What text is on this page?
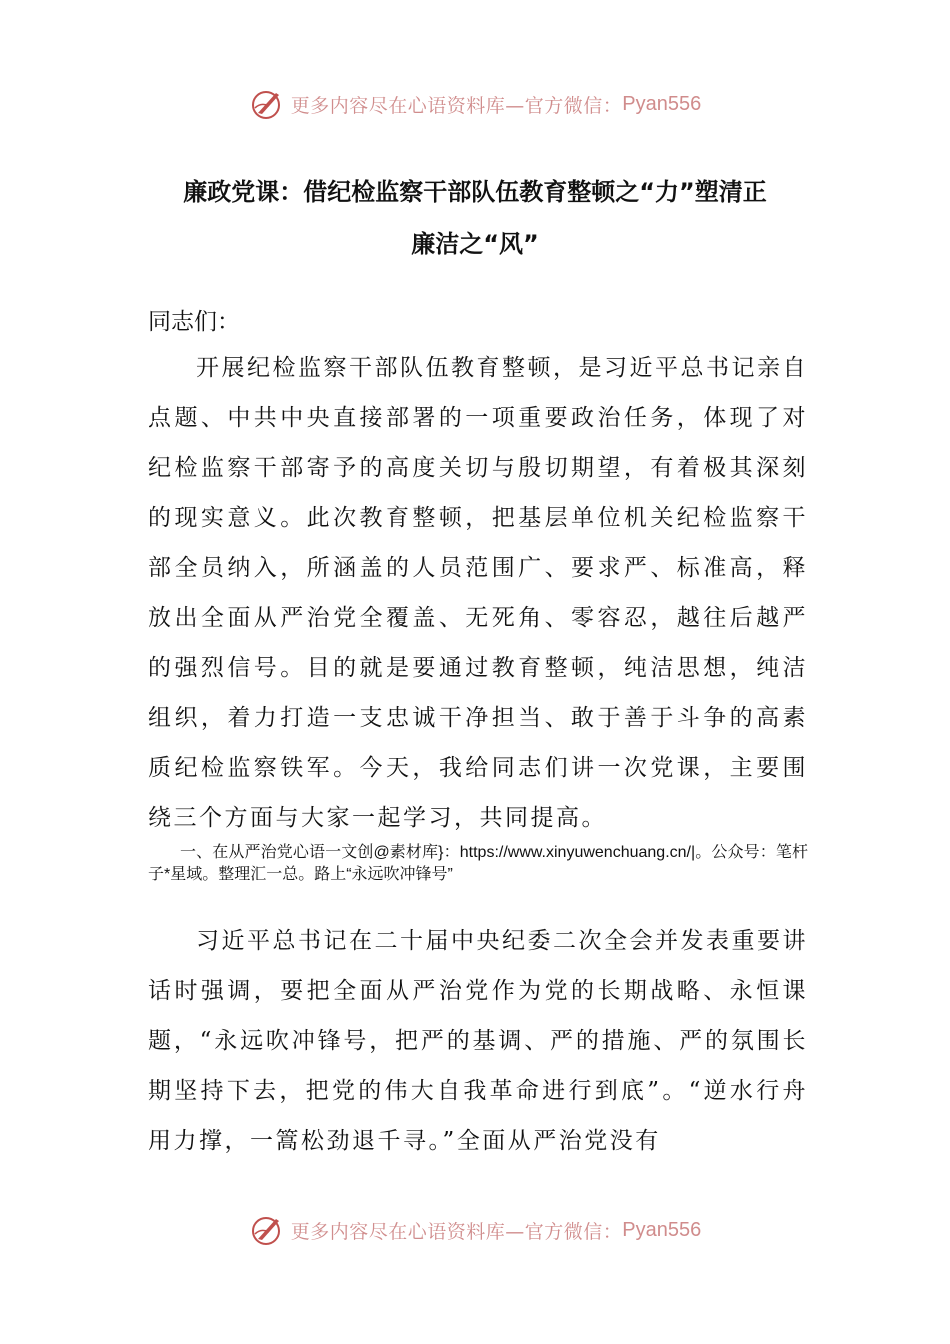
更多内容尽在心语资料库—官方微信： Pyan556
廉政党课：借纪检监察干部队伍教育整顿之“力”塑清正
廉洁之“风”
同志们：
开展纪检监察干部队伍教育整顿，是习近平总书记亲自点题、中共中央直接部署的一项重要政治任务，体现了对纪检监察干部寄予的高度关切与殷切期望，有着极其深刻的现实意义。此次教育整顿，把基层单位机关纪检监察干部全员纳入，所涵盖的人员范围广、要求严、标准高，释放出全面从严治党全覆盖、无死角、零容忍，越往后越严的强烈信号。目的就是要通过教育整顿，纯洁思想，纯洁组织，着力打造一支忠诚干净担当、敢于善于斗争的高素质纪检监察铁军。今天，我给同志们讲一次党课，主要围绕三个方面与大家一起学习，共同提高。
一、在从严治党心语一文创@素材库}：https://www.xinyuwenchuang.cn/|。公众号：笔杆子*星域。整理汇一总。路上“永远吹冲锋号”
习近平总书记在二十届中央纪委二次全会并发表重要讲话时强调，要把全面从严治党作为党的长期战略、永恒课题，“永远吹冲锋号，把严的基调、严的措施、严的氛围长期坚持下去，把党的伟大自我革命进行到底”。“逆水行舟用力撑，一篙松劲退千寻。”全面从严治党没有
更多内容尽在心语资料库—官方微信： Pyan556
